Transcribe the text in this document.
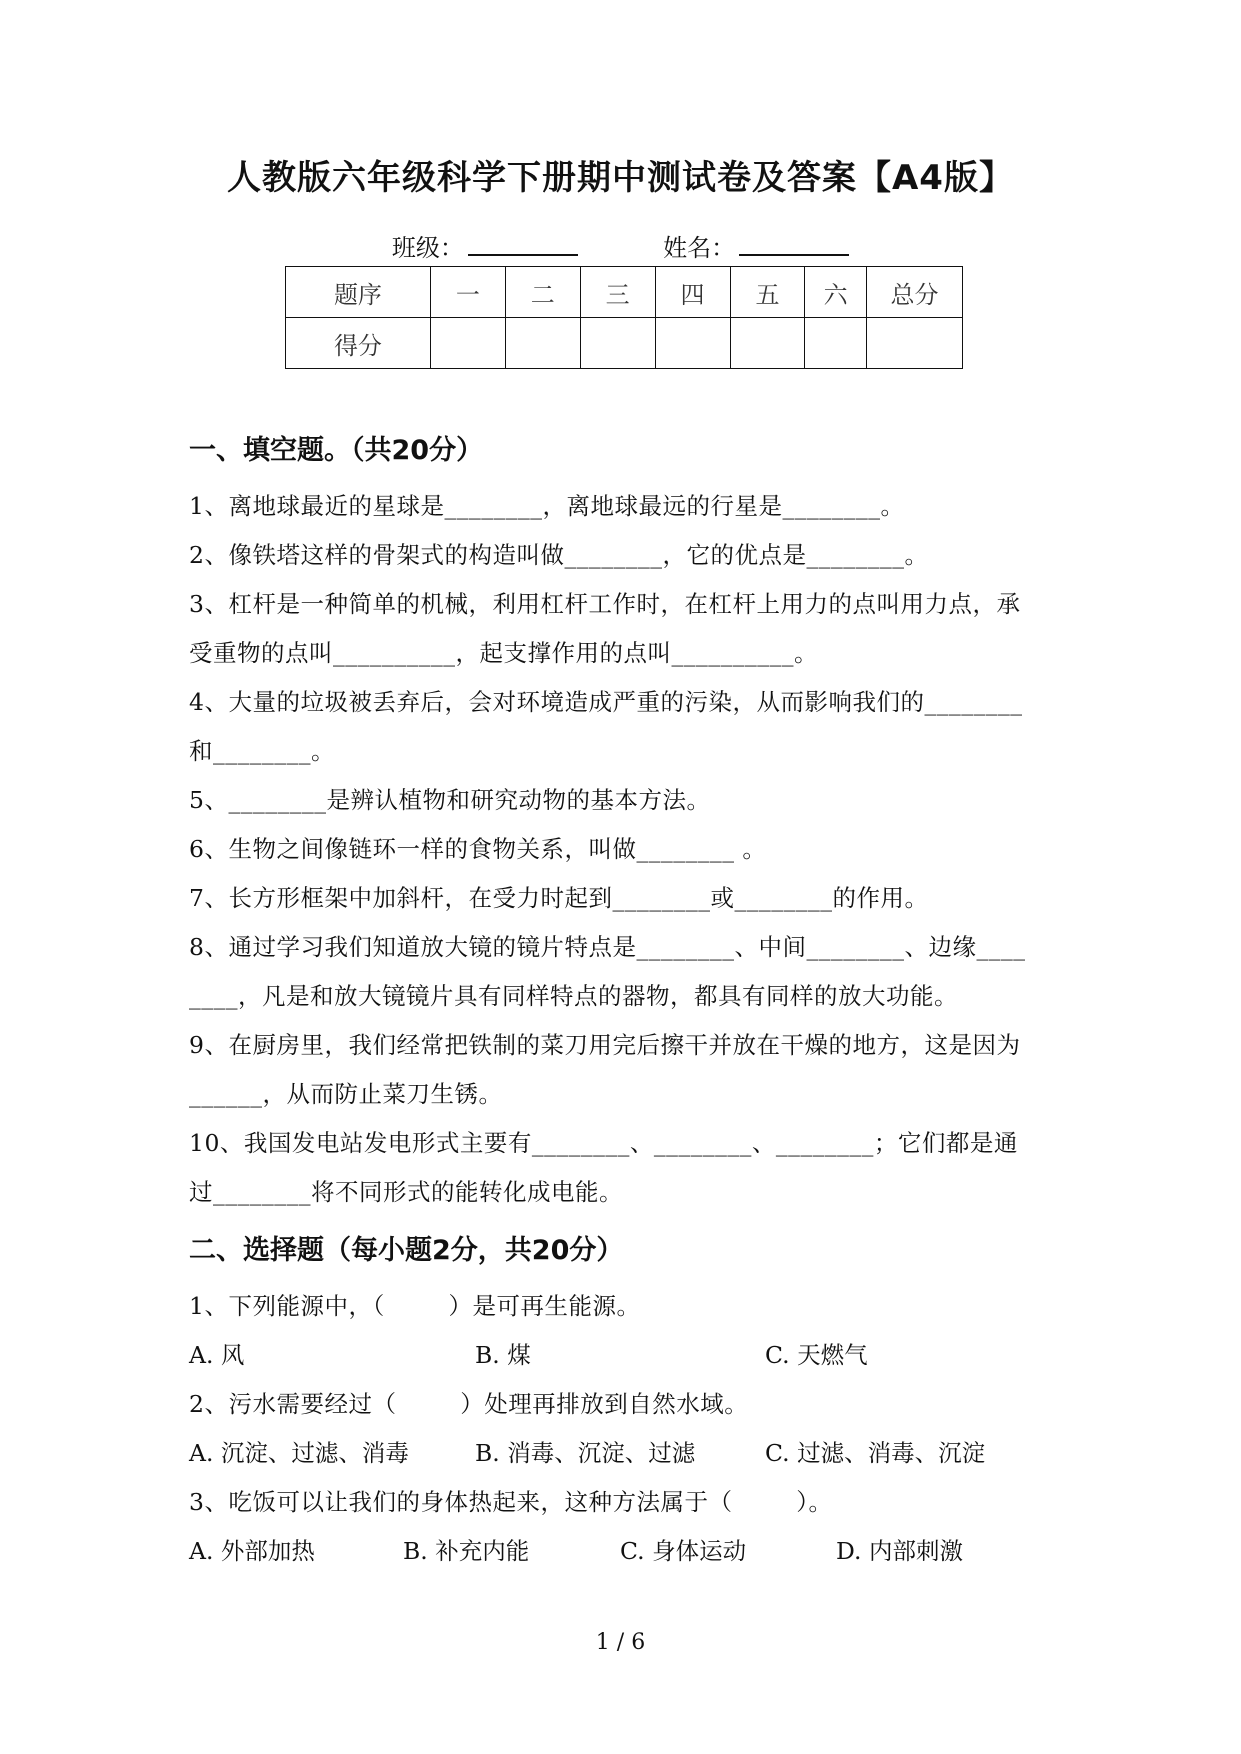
人教版六年级科学下册期中测试卷及答案【A4版】
班级：	姓名：
题序	一	二	三	四	五	六	总分
得分							
一、填空题。（共20分）
1、离地球最近的星球是________，离地球最远的行星是________。
2、像铁塔这样的骨架式的构造叫做________，它的优点是________。
3、杠杆是一种简单的机械，利用杠杆工作时，在杠杆上用力的点叫用力点，承
受重物的点叫__________，起支撑作用的点叫__________。
4、大量的垃圾被丢弃后，会对环境造成严重的污染，从而影响我们的________
和________。
5、________是辨认植物和研究动物的基本方法。
6、生物之间像链环一样的食物关系，叫做________ 。
7、长方形框架中加斜杆，在受力时起到________或________的作用。
8、通过学习我们知道放大镜的镜片特点是________、中间________、边缘____
____，凡是和放大镜镜片具有同样特点的器物，都具有同样的放大功能。
9、在厨房里，我们经常把铁制的菜刀用完后擦干并放在干燥的地方，这是因为
______，从而防止菜刀生锈。
10、我国发电站发电形式主要有________、________、________；它们都是通
过________将不同形式的能转化成电能。
二、选择题（每小题2分，共20分）
1、下列能源中，（        ）是可再生能源。
A. 风	B. 煤	C. 天燃气
2、污水需要经过（        ）处理再排放到自然水域。
A. 沉淀、过滤、消毒	B. 消毒、沉淀、过滤	C. 过滤、消毒、沉淀
3、吃饭可以让我们的身体热起来，这种方法属于（        ）。
A. 外部加热	B. 补充内能	C. 身体运动	D. 内部刺激
1 / 6
